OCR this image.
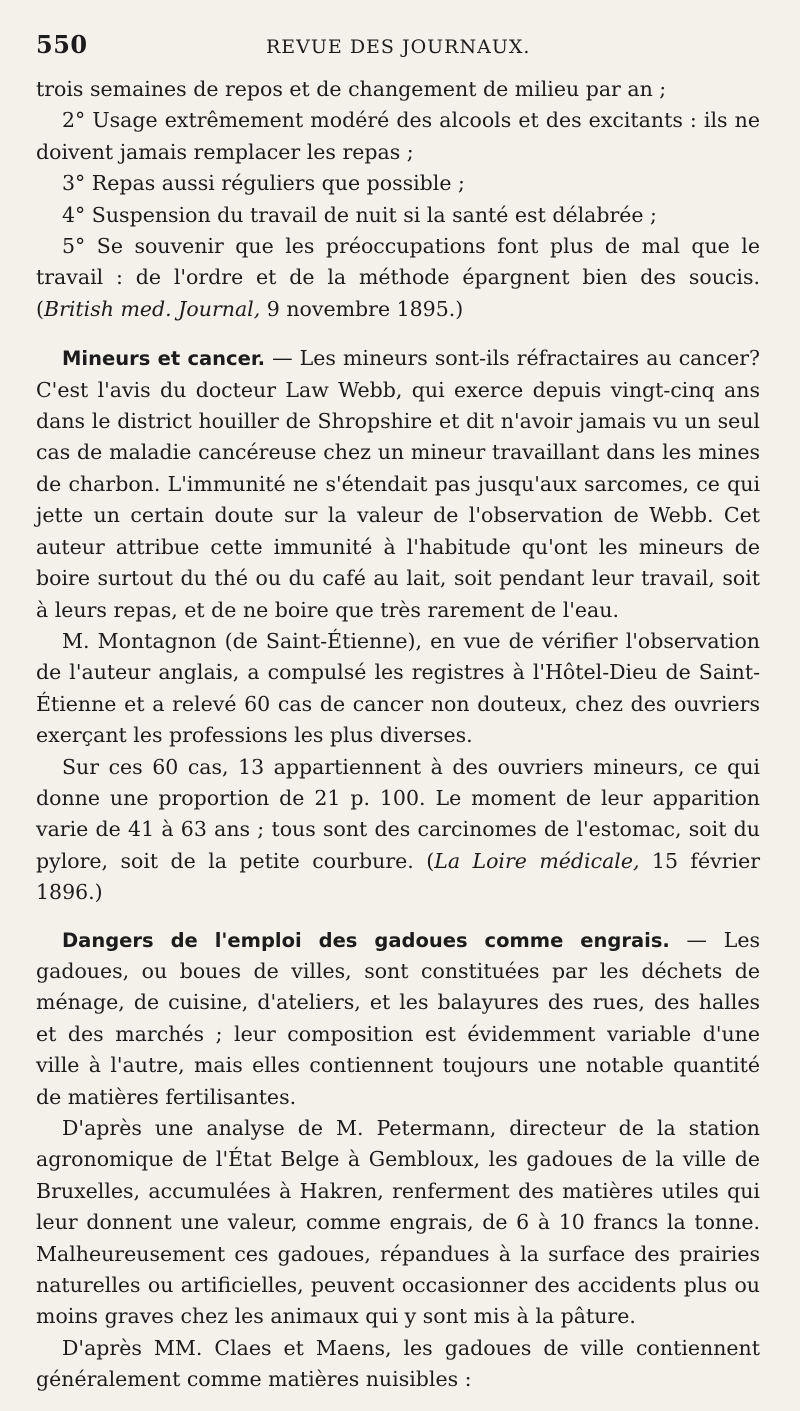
550	REVUE DES JOURNAUX.

trois semaines de repos et de changement de milieu par an ;

2° Usage extrêmement modéré des alcools et des excitants : ils ne doivent jamais remplacer les repas ;

3° Repas aussi réguliers que possible ;

4° Suspension du travail de nuit si la santé est délabrée ;

5° Se souvenir que les préoccupations font plus de mal que le travail : de l'ordre et de la méthode épargnent bien des soucis. (British med. Journal, 9 novembre 1895.)

Mineurs et cancer. — Les mineurs sont-ils réfractaires au cancer? C'est l'avis du docteur Law Webb, qui exerce depuis vingt-cinq ans dans le district houiller de Shropshire et dit n'avoir jamais vu un seul cas de maladie cancéreuse chez un mineur travaillant dans les mines de charbon. L'immunité ne s'étendait pas jusqu'aux sarcomes, ce qui jette un certain doute sur la valeur de l'observation de Webb. Cet auteur attribue cette immunité à l'habitude qu'ont les mineurs de boire surtout du thé ou du café au lait, soit pendant leur travail, soit à leurs repas, et de ne boire que très rarement de l'eau.

M. Montagnon (de Saint-Étienne), en vue de vérifier l'observation de l'auteur anglais, a compulsé les registres à l'Hôtel-Dieu de Saint-Étienne et a relevé 60 cas de cancer non douteux, chez des ouvriers exerçant les professions les plus diverses.

Sur ces 60 cas, 13 appartiennent à des ouvriers mineurs, ce qui donne une proportion de 21 p. 100. Le moment de leur apparition varie de 41 à 63 ans ; tous sont des carcinomes de l'estomac, soit du pylore, soit de la petite courbure. (La Loire médicale, 15 février 1896.)

Dangers de l'emploi des gadoues comme engrais. — Les gadoues, ou boues de villes, sont constituées par les déchets de ménage, de cuisine, d'ateliers, et les balayures des rues, des halles et des marchés ; leur composition est évidemment variable d'une ville à l'autre, mais elles contiennent toujours une notable quantité de matières fertilisantes.

D'après une analyse de M. Petermann, directeur de la station agronomique de l'État Belge à Gembloux, les gadoues de la ville de Bruxelles, accumulées à Hakren, renferment des matières utiles qui leur donnent une valeur, comme engrais, de 6 à 10 francs la tonne. Malheureusement ces gadoues, répandues à la surface des prairies naturelles ou artificielles, peuvent occasionner des accidents plus ou moins graves chez les animaux qui y sont mis à la pâture.

D'après MM. Claes et Maens, les gadoues de ville contiennent généralement comme matières nuisibles :
